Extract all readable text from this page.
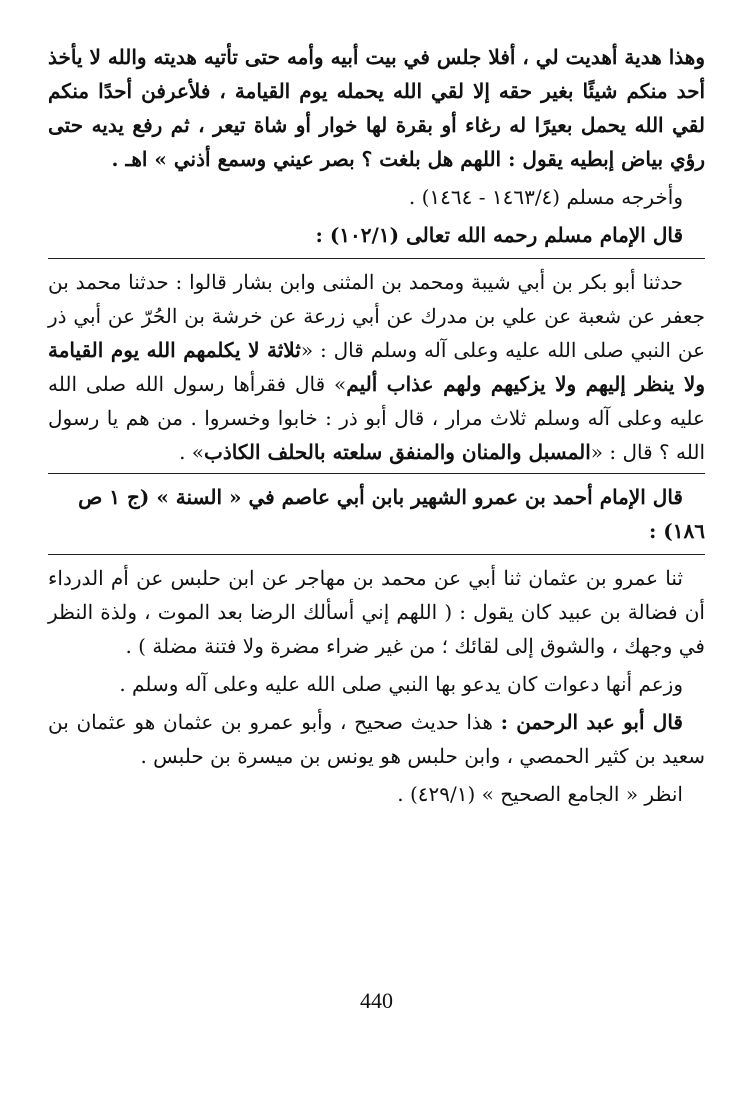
وهذا هدية أهديت لي ، أفلا جلس في بيت أبيه وأمه حتى تأتيه هديته والله لا يأخذ أحد منكم شيئًا بغير حقه إلا لقي الله يحمله يوم القيامة ، فلأعرفن أحدًا منكم لقي الله يحمل بعيرًا له رغاء أو بقرة لها خوار أو شاة تيعر ، ثم رفع يديه حتى رؤي بياض إبطيه يقول : اللهم هل بلغت ؟ بصر عيني وسمع أذني » اهـ .

وأخرجه مسلم (١٤٦٣/٤ - ١٤٦٤) .

قال الإمام مسلم رحمه الله تعالى (١٠٢/١) :

حدثنا أبو بكر بن أبي شيبة ومحمد بن المثنى وابن بشار قالوا : حدثنا محمد بن جعفر عن شعبة عن علي بن مدرك عن أبي زرعة عن خرشة بن الحُرّ عن أبي ذر عن النبي صلى الله عليه وعلى آله وسلم قال : «ثلاثة لا يكلمهم الله يوم القيامة ولا ينظر إليهم ولا يزكيهم ولهم عذاب أليم» قال فقرأها رسول الله صلى الله عليه وعلى آله وسلم ثلاث مرار ، قال أبو ذر : خابوا وخسروا . من هم يا رسول الله ؟ قال : «المسبل والمنان والمنفق سلعته بالحلف الكاذب» .

قال الإمام أحمد بن عمرو الشهير بابن أبي عاصم في « السنة » (ج ١ ص ١٨٦) :

ثنا عمرو بن عثمان ثنا أبي عن محمد بن مهاجر عن ابن حلبس عن أم الدرداء أن فضالة بن عبيد كان يقول : ( اللهم إني أسألك الرضا بعد الموت ، ولذة النظر في وجهك ، والشوق إلى لقائك ؛ من غير ضراء مضرة ولا فتنة مضلة ) .

وزعم أنها دعوات كان يدعو بها النبي صلى الله عليه وعلى آله وسلم .

قال أبو عبد الرحمن : هذا حديث صحيح ، وأبو عمرو بن عثمان هو عثمان بن سعيد بن كثير الحمصي ، وابن حلبس هو يونس بن ميسرة بن حلبس .

انظر « الجامع الصحيح » (٤٢٩/١) .

440
